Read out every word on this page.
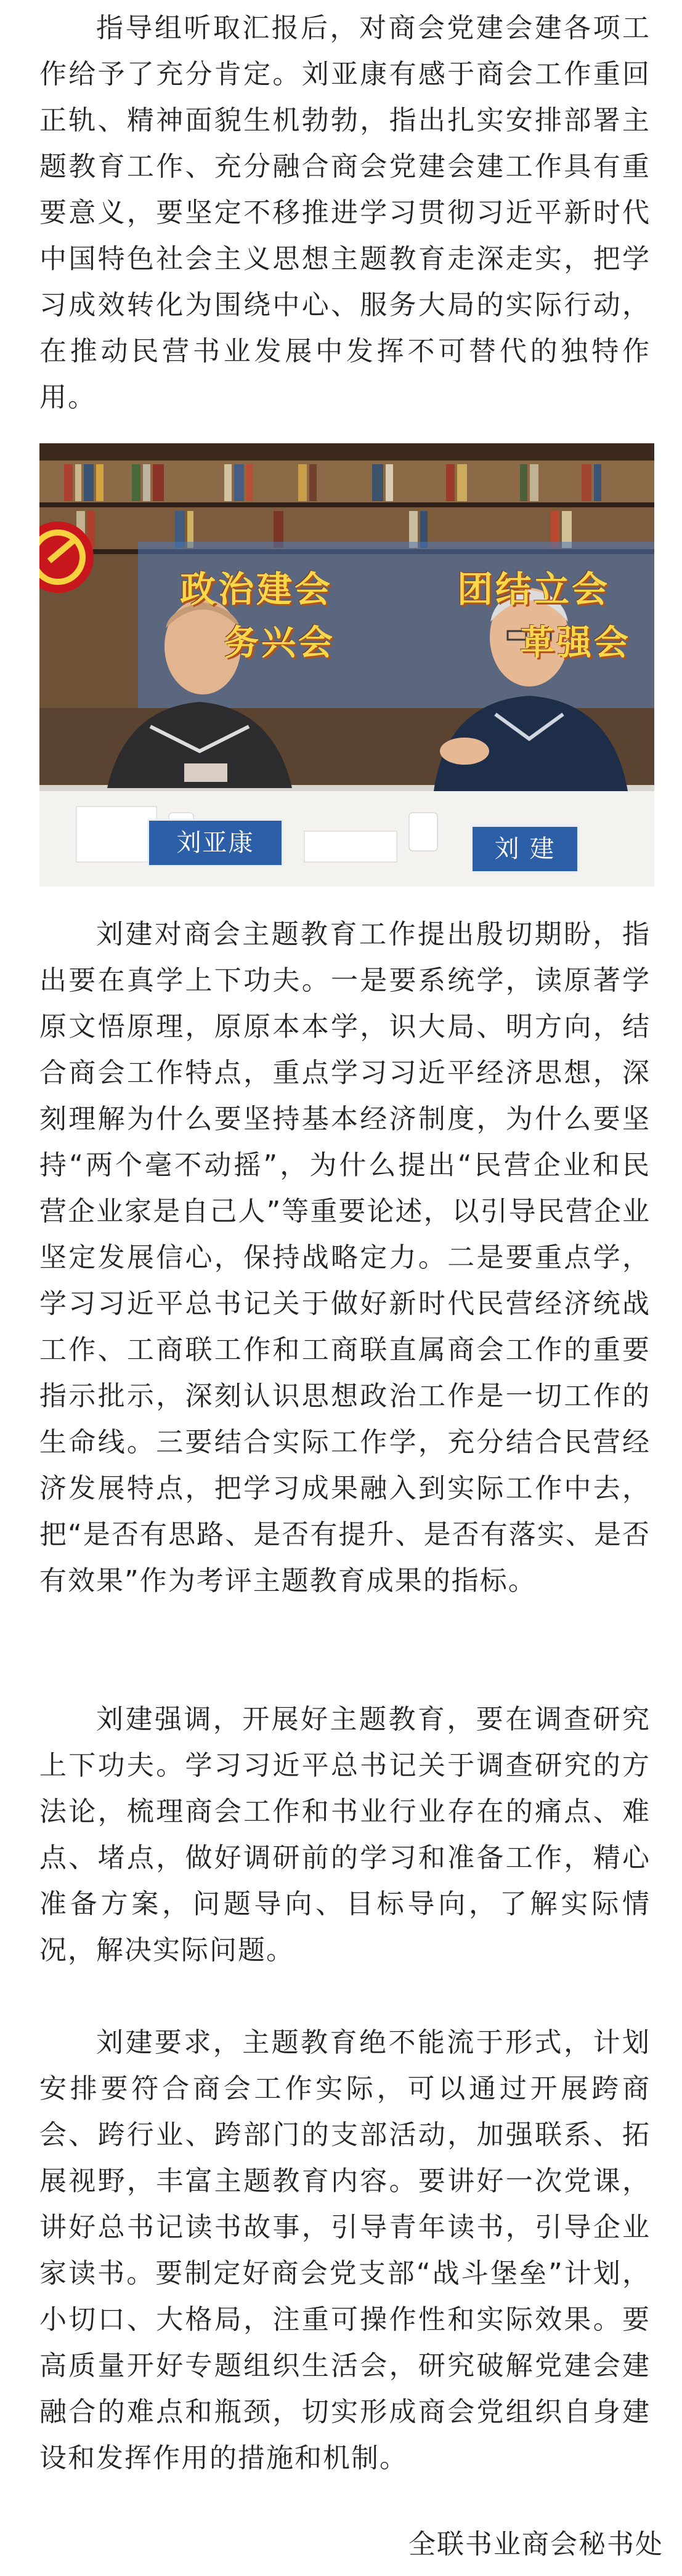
指导组听取汇报后，对商会党建会建各项工作给予了充分肯定。刘亚康有感于商会工作重回正轨、精神面貌生机勃勃，指出扎实安排部署主题教育工作、充分融合商会党建会建工作具有重要意义，要坚定不移推进学习贯彻习近平新时代中国特色社会主义思想主题教育走深走实，把学习成效转化为围绕中心、服务大局的实际行动，在推动民营书业发展中发挥不可替代的独特作用。

政治建会	团结立会
务兴会	革强会
刘亚康	刘 建

刘建对商会主题教育工作提出殷切期盼，指出要在真学上下功夫。一是要系统学，读原著学原文悟原理，原原本本学，识大局、明方向，结合商会工作特点，重点学习习近平经济思想，深刻理解为什么要坚持基本经济制度，为什么要坚持“两个毫不动摇”，为什么提出“民营企业和民营企业家是自己人”等重要论述，以引导民营企业坚定发展信心，保持战略定力。二是要重点学，学习习近平总书记关于做好新时代民营经济统战工作、工商联工作和工商联直属商会工作的重要指示批示，深刻认识思想政治工作是一切工作的生命线。三要结合实际工作学，充分结合民营经济发展特点，把学习成果融入到实际工作中去，把“是否有思路、是否有提升、是否有落实、是否有效果”作为考评主题教育成果的指标。

刘建强调，开展好主题教育，要在调查研究上下功夫。学习习近平总书记关于调查研究的方法论，梳理商会工作和书业行业存在的痛点、难点、堵点，做好调研前的学习和准备工作，精心准备方案，问题导向、目标导向，了解实际情况，解决实际问题。

刘建要求，主题教育绝不能流于形式，计划安排要符合商会工作实际，可以通过开展跨商会、跨行业、跨部门的支部活动，加强联系、拓展视野，丰富主题教育内容。要讲好一次党课，讲好总书记读书故事，引导青年读书，引导企业家读书。要制定好商会党支部“战斗堡垒”计划，小切口、大格局，注重可操作性和实际效果。要高质量开好专题组织生活会，研究破解党建会建融合的难点和瓶颈，切实形成商会党组织自身建设和发挥作用的措施和机制。

全联书业商会秘书处
